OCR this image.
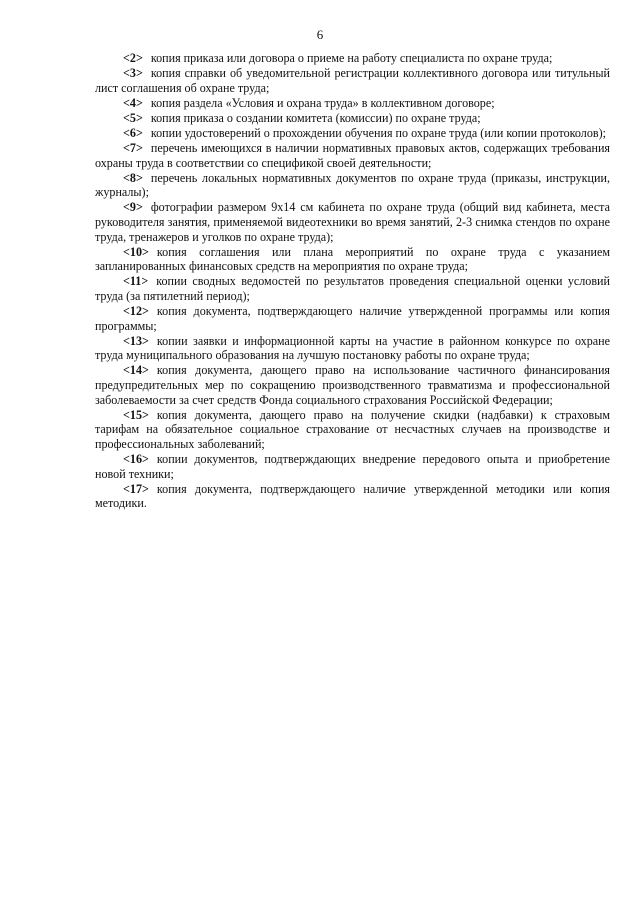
6

<2> копия приказа или договора о приеме на работу специалиста по охране труда;

<3> копия справки об уведомительной регистрации коллективного договора или титульный лист соглашения об охране труда;

<4> копия раздела «Условия и охрана труда» в коллективном договоре;

<5> копия приказа о создании комитета (комиссии) по охране труда;

<6> копии удостоверений о прохождении обучения по охране труда (или копии протоколов);

<7> перечень имеющихся в наличии нормативных правовых актов, содержащих требования охраны труда в соответствии со спецификой своей деятельности;

<8> перечень локальных нормативных документов по охране труда (приказы, инструкции, журналы);

<9> фотографии размером 9х14 см кабинета по охране труда (общий вид кабинета, места руководителя занятия, применяемой видеотехники во время занятий, 2-3 снимка стендов по охране труда, тренажеров и уголков по охране труда);

<10> копия соглашения или плана мероприятий по охране труда с указанием запланированных финансовых средств на мероприятия по охране труда;

<11> копии сводных ведомостей по результатов проведения специальной оценки условий труда (за пятилетний период);

<12> копия документа, подтверждающего наличие утвержденной программы или копия программы;

<13> копии заявки и информационной карты на участие в районном конкурсе по охране труда муниципального образования на лучшую постановку работы по охране труда;

<14> копия документа, дающего право на использование частичного финансирования предупредительных мер по сокращению производственного травматизма и профессиональной заболеваемости за счет средств Фонда социального страхования Российской Федерации;

<15> копия документа, дающего право на получение скидки (надбавки) к страховым тарифам на обязательное социальное страхование от несчастных случаев на производстве и профессиональных заболеваний;

<16> копии документов, подтверждающих внедрение передового опыта и приобретение новой техники;

<17> копия документа, подтверждающего наличие утвержденной методики или копия методики.
